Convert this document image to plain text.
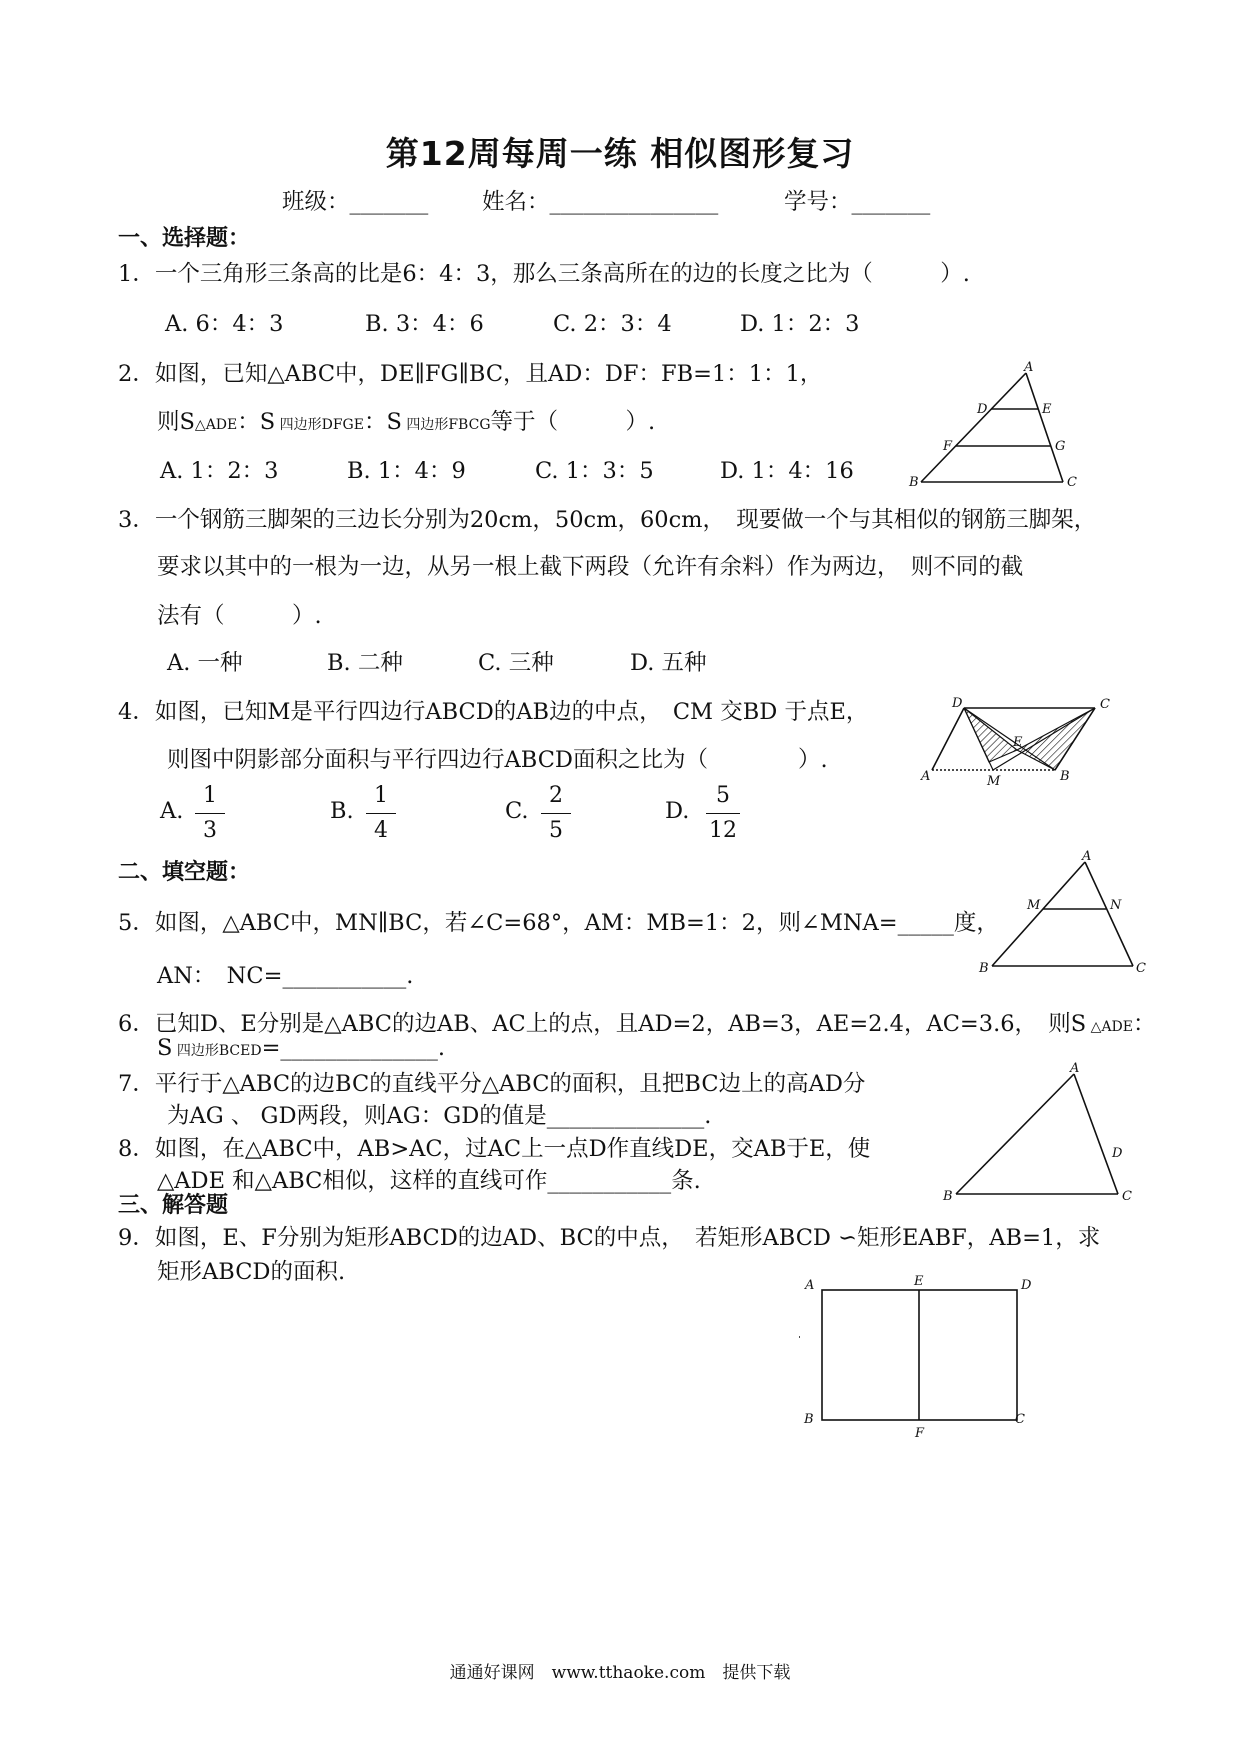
第12周每周一练 相似图形复习
班级：_______ 姓名：_______________	学号：_______
一、选择题：
1．一个三角形三条高的比是6：4：3，那么三条高所在的边的长度之比为（　　　）.
A. 6：4：3	B. 3：4：6	C. 2：3：4	D. 1：2：3
2．如图，已知△ABC中，DE∥FG∥BC，且AD：DF：FB=1：1：1，
则S△ADE：S 四边形DFGE：S 四边形FBCG等于（　　　）.
A. 1：2：3	B. 1：4：9	C. 1：3：5	D. 1：4：16
A
D	E
F	G
B	C
3．一个钢筋三脚架的三边长分别为20cm，50cm，60cm，　现要做一个与其相似的钢筋三脚架，
要求以其中的一根为一边，从另一根上截下两段（允许有余料）作为两边，　则不同的截
法有（　　　）.
A. 一种	B. 二种	C. 三种	D. 五种
4．如图，已知M是平行四边行ABCD的AB边的中点，　CM 交BD 于点E，
则图中阴影部分面积与平行四边行ABCD面积之比为（　　　　）.
A.
1
3
B.
1
4
C.
2
5
D.
5
12
D	C
E
A	M	B
二、填空题：
5．如图，△ABC中，MN∥BC，若∠C=68°，AM：MB=1：2，则∠MNA=_____度，
AN：　NC=___________.
A
M	N
B	C
6．已知D、E分别是△ABC的边AB、AC上的点，且AD=2，AB=3，AE=2.4，AC=3.6，　则S △ADE：
S 四边形BCED=______________.
7．平行于△ABC的边BC的直线平分△ABC的面积，且把BC边上的高AD分
为AG 、 GD两段，则AG：GD的值是______________.
8．如图，在△ABC中，AB>AC，过AC上一点D作直线DE，交AB于E，使
△ADE 和△ABC相似，这样的直线可作___________条.
A
D
B	C
三、解答题
9．如图，E、F分别为矩形ABCD的边AD、BC的中点，　若矩形ABCD ∽矩形EABF，AB=1，求
矩形ABCD的面积.
A	E	D
B
F
C
通通好课网　www.tthaoke.com　提供下载
